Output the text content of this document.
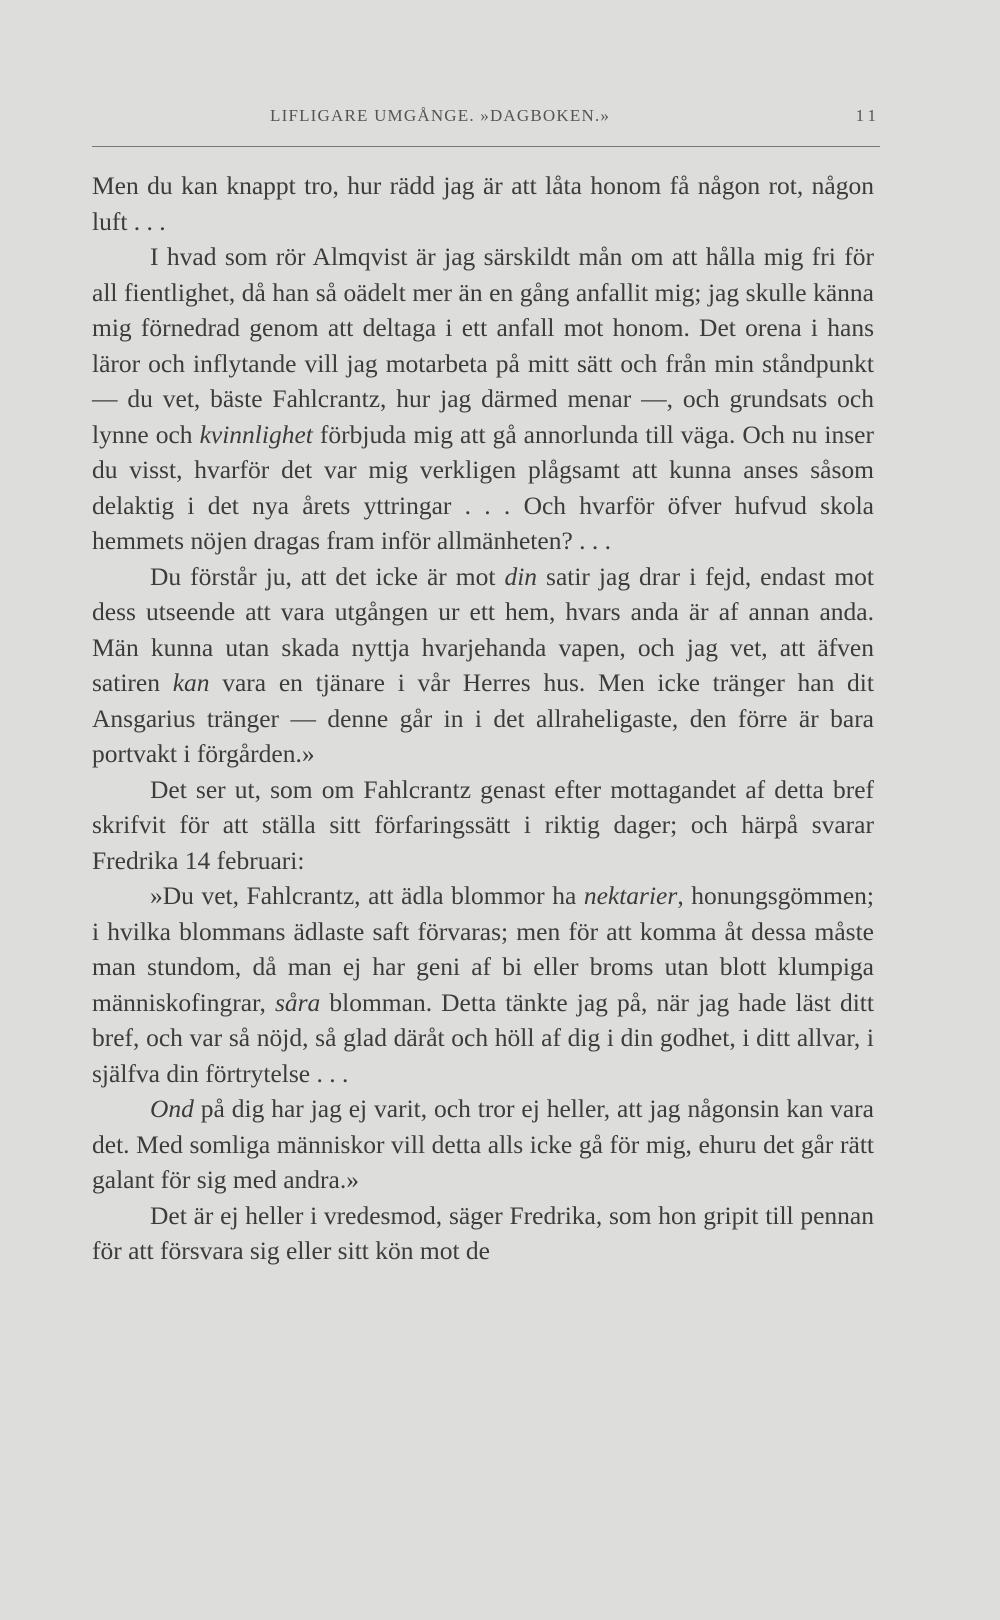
LIFLIGARE UMGÅNGE. »DAGBOKEN.»	11

Men du kan knappt tro, hur rädd jag är att låta honom få någon rot, någon luft . . .

I hvad som rör Almqvist är jag särskildt mån om att hålla mig fri för all fientlighet, då han så oädelt mer än en gång anfallit mig; jag skulle känna mig förnedrad genom att deltaga i ett anfall mot honom. Det orena i hans läror och inflytande vill jag motarbeta på mitt sätt och från min ståndpunkt — du vet, bäste Fahlcrantz, hur jag därmed menar —, och grundsats och lynne och kvinnlighet förbjuda mig att gå annorlunda till väga. Och nu inser du visst, hvarför det var mig verkligen plågsamt att kunna anses såsom delaktig i det nya årets yttringar . . . Och hvarför öfver hufvud skola hemmets nöjen dragas fram inför allmänheten? . . .

Du förstår ju, att det icke är mot din satir jag drar i fejd, endast mot dess utseende att vara utgången ur ett hem, hvars anda är af annan anda. Män kunna utan skada nyttja hvarjehanda vapen, och jag vet, att äfven satiren kan vara en tjänare i vår Herres hus. Men icke tränger han dit Ansgarius tränger — denne går in i det allraheligaste, den förre är bara portvakt i förgården.»

Det ser ut, som om Fahlcrantz genast efter mottagandet af detta bref skrifvit för att ställa sitt förfaringssätt i riktig dager; och härpå svarar Fredrika 14 februari:

»Du vet, Fahlcrantz, att ädla blommor ha nektarier, honungsgömmen; i hvilka blommans ädlaste saft förvaras; men för att komma åt dessa måste man stundom, då man ej har geni af bi eller broms utan blott klumpiga människofingrar, såra blomman. Detta tänkte jag på, när jag hade läst ditt bref, och var så nöjd, så glad däråt och höll af dig i din godhet, i ditt allvar, i själfva din förtrytelse . . .

Ond på dig har jag ej varit, och tror ej heller, att jag någonsin kan vara det. Med somliga människor vill detta alls icke gå för mig, ehuru det går rätt galant för sig med andra.»

Det är ej heller i vredesmod, säger Fredrika, som hon gripit till pennan för att försvara sig eller sitt kön mot de
